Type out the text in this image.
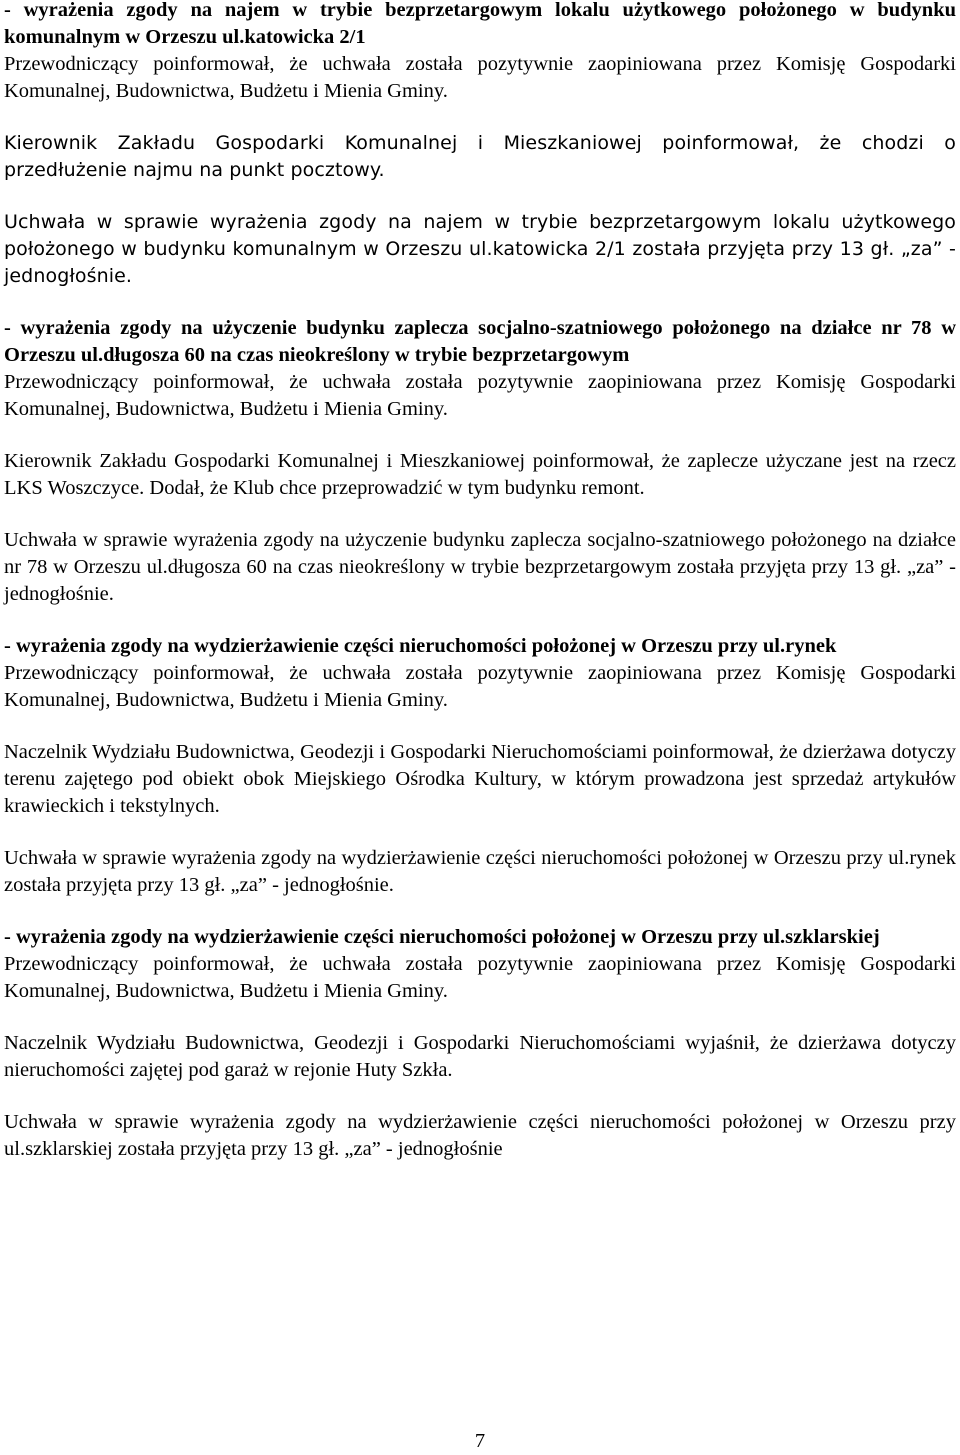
- wyrażenia zgody na najem w trybie bezprzetargowym lokalu użytkowego położonego w budynku komunalnym w Orzeszu ul.katowicka 2/1

Przewodniczący poinformował, że uchwała została pozytywnie zaopiniowana przez Komisję Gospodarki Komunalnej, Budownictwa, Budżetu i Mienia Gminy.

Kierownik Zakładu Gospodarki Komunalnej i Mieszkaniowej poinformował, że chodzi o przedłużenie najmu na punkt pocztowy.

Uchwała w sprawie wyrażenia zgody na najem w trybie bezprzetargowym lokalu użytkowego położonego w budynku komunalnym w Orzeszu ul.katowicka 2/1 została przyjęta przy 13 gł. „za” - jednogłośnie.

- wyrażenia zgody na użyczenie budynku zaplecza socjalno-szatniowego położonego na działce nr 78 w Orzeszu ul.długosza 60 na czas nieokreślony w trybie bezprzetargowym

Przewodniczący poinformował, że uchwała została pozytywnie zaopiniowana przez Komisję Gospodarki Komunalnej, Budownictwa, Budżetu i Mienia Gminy.

Kierownik Zakładu Gospodarki Komunalnej i Mieszkaniowej poinformował, że zaplecze użyczane jest na rzecz LKS Woszczyce. Dodał, że Klub chce przeprowadzić w tym budynku remont.

Uchwała w sprawie wyrażenia zgody na użyczenie budynku zaplecza socjalno-szatniowego położonego na działce nr 78 w Orzeszu ul.długosza 60 na czas nieokreślony w trybie bezprzetargowym została przyjęta przy 13 gł. „za” - jednogłośnie.

- wyrażenia zgody na wydzierżawienie części nieruchomości położonej w Orzeszu przy ul.rynek

Przewodniczący poinformował, że uchwała została pozytywnie zaopiniowana przez Komisję Gospodarki Komunalnej, Budownictwa, Budżetu i Mienia Gminy.

Naczelnik Wydziału Budownictwa, Geodezji i Gospodarki Nieruchomościami poinformował, że dzierżawa dotyczy terenu zajętego pod obiekt obok Miejskiego Ośrodka Kultury, w którym prowadzona jest sprzedaż artykułów krawieckich i tekstylnych.

Uchwała w sprawie wyrażenia zgody na wydzierżawienie części nieruchomości położonej w Orzeszu przy ul.rynek została przyjęta przy 13 gł. „za” - jednogłośnie.

- wyrażenia zgody na wydzierżawienie części nieruchomości położonej w Orzeszu przy ul.szklarskiej

Przewodniczący poinformował, że uchwała została pozytywnie zaopiniowana przez Komisję Gospodarki Komunalnej, Budownictwa, Budżetu i Mienia Gminy.

Naczelnik Wydziału Budownictwa, Geodezji i Gospodarki Nieruchomościami wyjaśnił, że dzierżawa dotyczy nieruchomości zajętej pod garaż w rejonie Huty Szkła.

Uchwała w sprawie wyrażenia zgody na wydzierżawienie części nieruchomości położonej w Orzeszu przy ul.szklarskiej została przyjęta przy 13 gł. „za” - jednogłośnie

7
